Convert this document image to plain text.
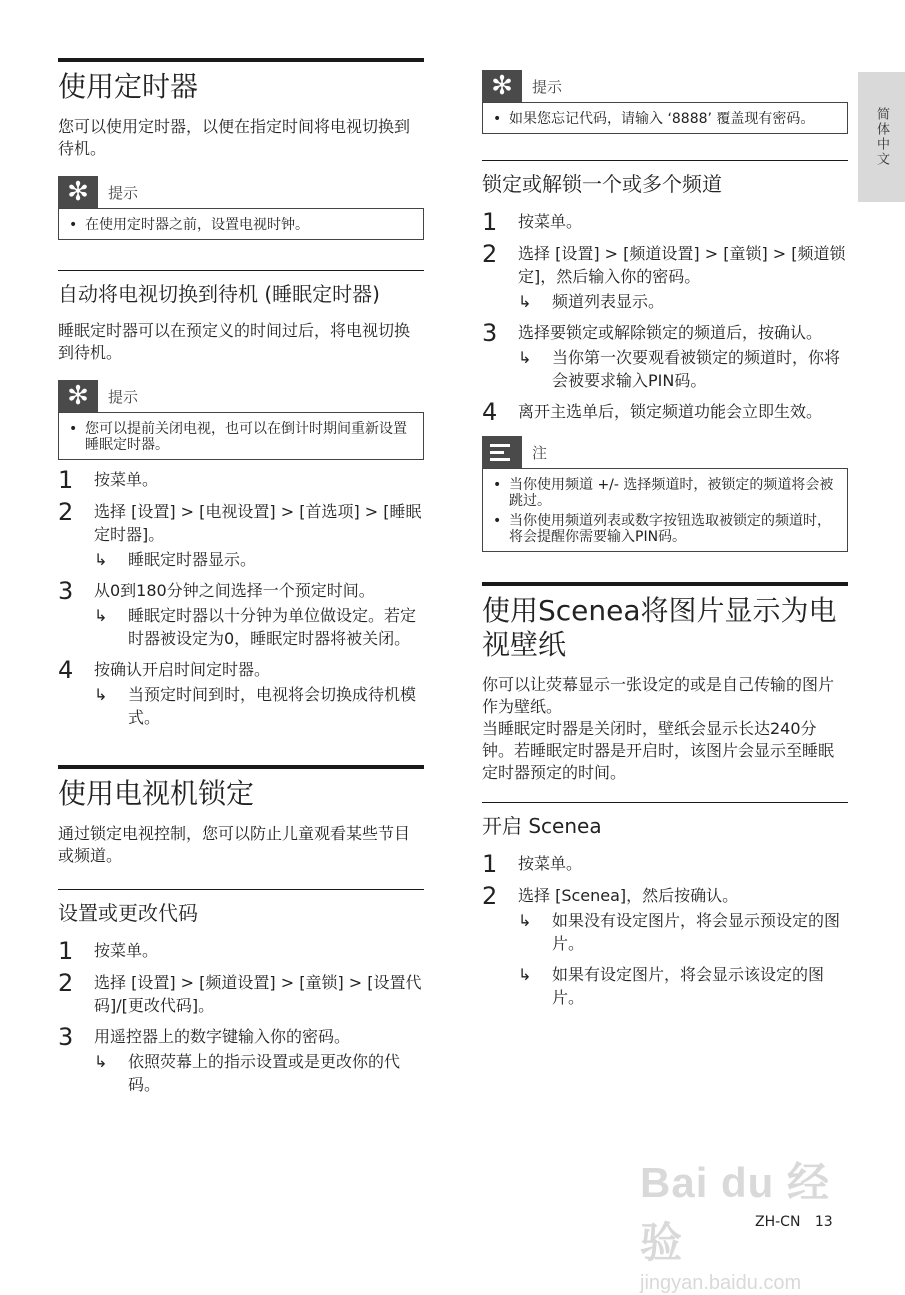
简体中文
使用定时器

您可以使用定时器，以便在指定时间将电视切换到待机。

✻	提示
• 在使用定时器之前，设置电视时钟。
自动将电视切换到待机 (睡眠定时器)

睡眠定时器可以在预定义的时间过后，将电视切换到待机。

✻	提示
• 您可以提前关闭电视，也可以在倒计时期间重新设置睡眠定时器。
1	按菜单。
2	选择 [设置] > [电视设置] > [首选项] > [睡眠定时器]。
↳	睡眠定时器显示。
3	从0到180分钟之间选择一个预定时间。
↳	睡眠定时器以十分钟为单位做设定。若定时器被设定为0，睡眠定时器将被关闭。
4	按确认开启时间定时器。
↳	当预定时间到时，电视将会切换成待机模式。
使用电视机锁定

通过锁定电视控制，您可以防止儿童观看某些节目或频道。

设置或更改代码
1	按菜单。
2	选择 [设置] > [频道设置] > [童锁] > [设置代码]/[更改代码]。
3	用遥控器上的数字键输入你的密码。
↳	依照荧幕上的指示设置或是更改你的代码。
✻	提示
• 如果您忘记代码，请输入 ‘8888’ 覆盖现有密码。
锁定或解锁一个或多个频道
1	按菜单。
2	选择 [设置] > [频道设置] > [童锁] > [频道锁定]，然后输入你的密码。
↳	频道列表显示。
3	选择要锁定或解除锁定的频道后，按确认。
↳	当你第一次要观看被锁定的频道时，你将会被要求输入PIN码。
4	离开主选单后，锁定频道功能会立即生效。
注
• 当你使用频道 +/- 选择频道时，被锁定的频道将会被跳过。
• 当你使用频道列表或数字按钮选取被锁定的频道时，将会提醒你需要输入PIN码。
使用Scenea将图片显示为电视壁纸

你可以让荧幕显示一张设定的或是自己传输的图片作为壁纸。

当睡眠定时器是关闭时，壁纸会显示长达240分钟。若睡眠定时器是开启时，该图片会显示至睡眠定时器预定的时间。

开启 Scenea
1	按菜单。
2	选择 [Scenea]，然后按确认。
↳	如果没有设定图片，将会显示预设定的图片。
↳	如果有设定图片，将会显示该设定的图片。
Bai du 经验
jingyan.baidu.com
ZH-CN 13
